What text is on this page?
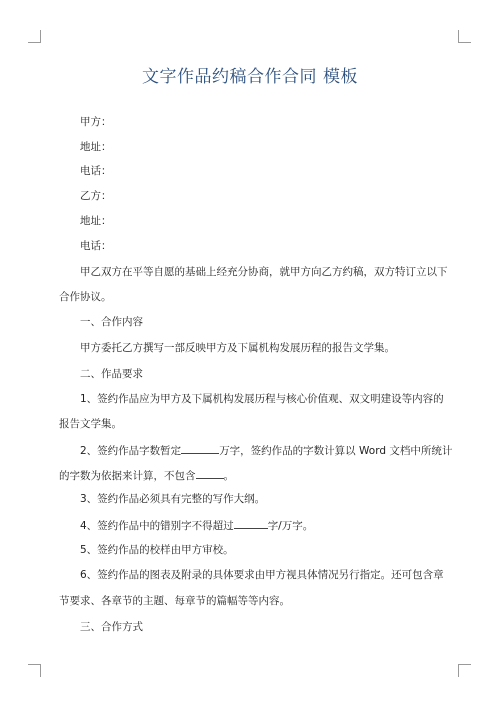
文字作品约稿合作合同 模板
甲方：
地址：
电话：
乙方：
地址：
电话：
甲乙双方在平等自愿的基础上经充分协商，就甲方向乙方约稿，双方特订立以下
合作协议。
一、合作内容
甲方委托乙方撰写一部反映甲方及下属机构发展历程的报告文学集。
二、作品要求
1、签约作品应为甲方及下属机构发展历程与核心价值观、双文明建设等内容的
报告文学集。
2、签约作品字数暂定	万字，签约作品的字数计算以 Word 文档中所统计
的字数为依据来计算，不包含	。
3、签约作品必须具有完整的写作大纲。
4、签约作品中的错别字不得超过	字/万字。
5、签约作品的校样由甲方审校。
6、签约作品的图表及附录的具体要求由甲方视具体情况另行指定。还可包含章
节要求、各章节的主题、每章节的篇幅等等内容。
三、合作方式
